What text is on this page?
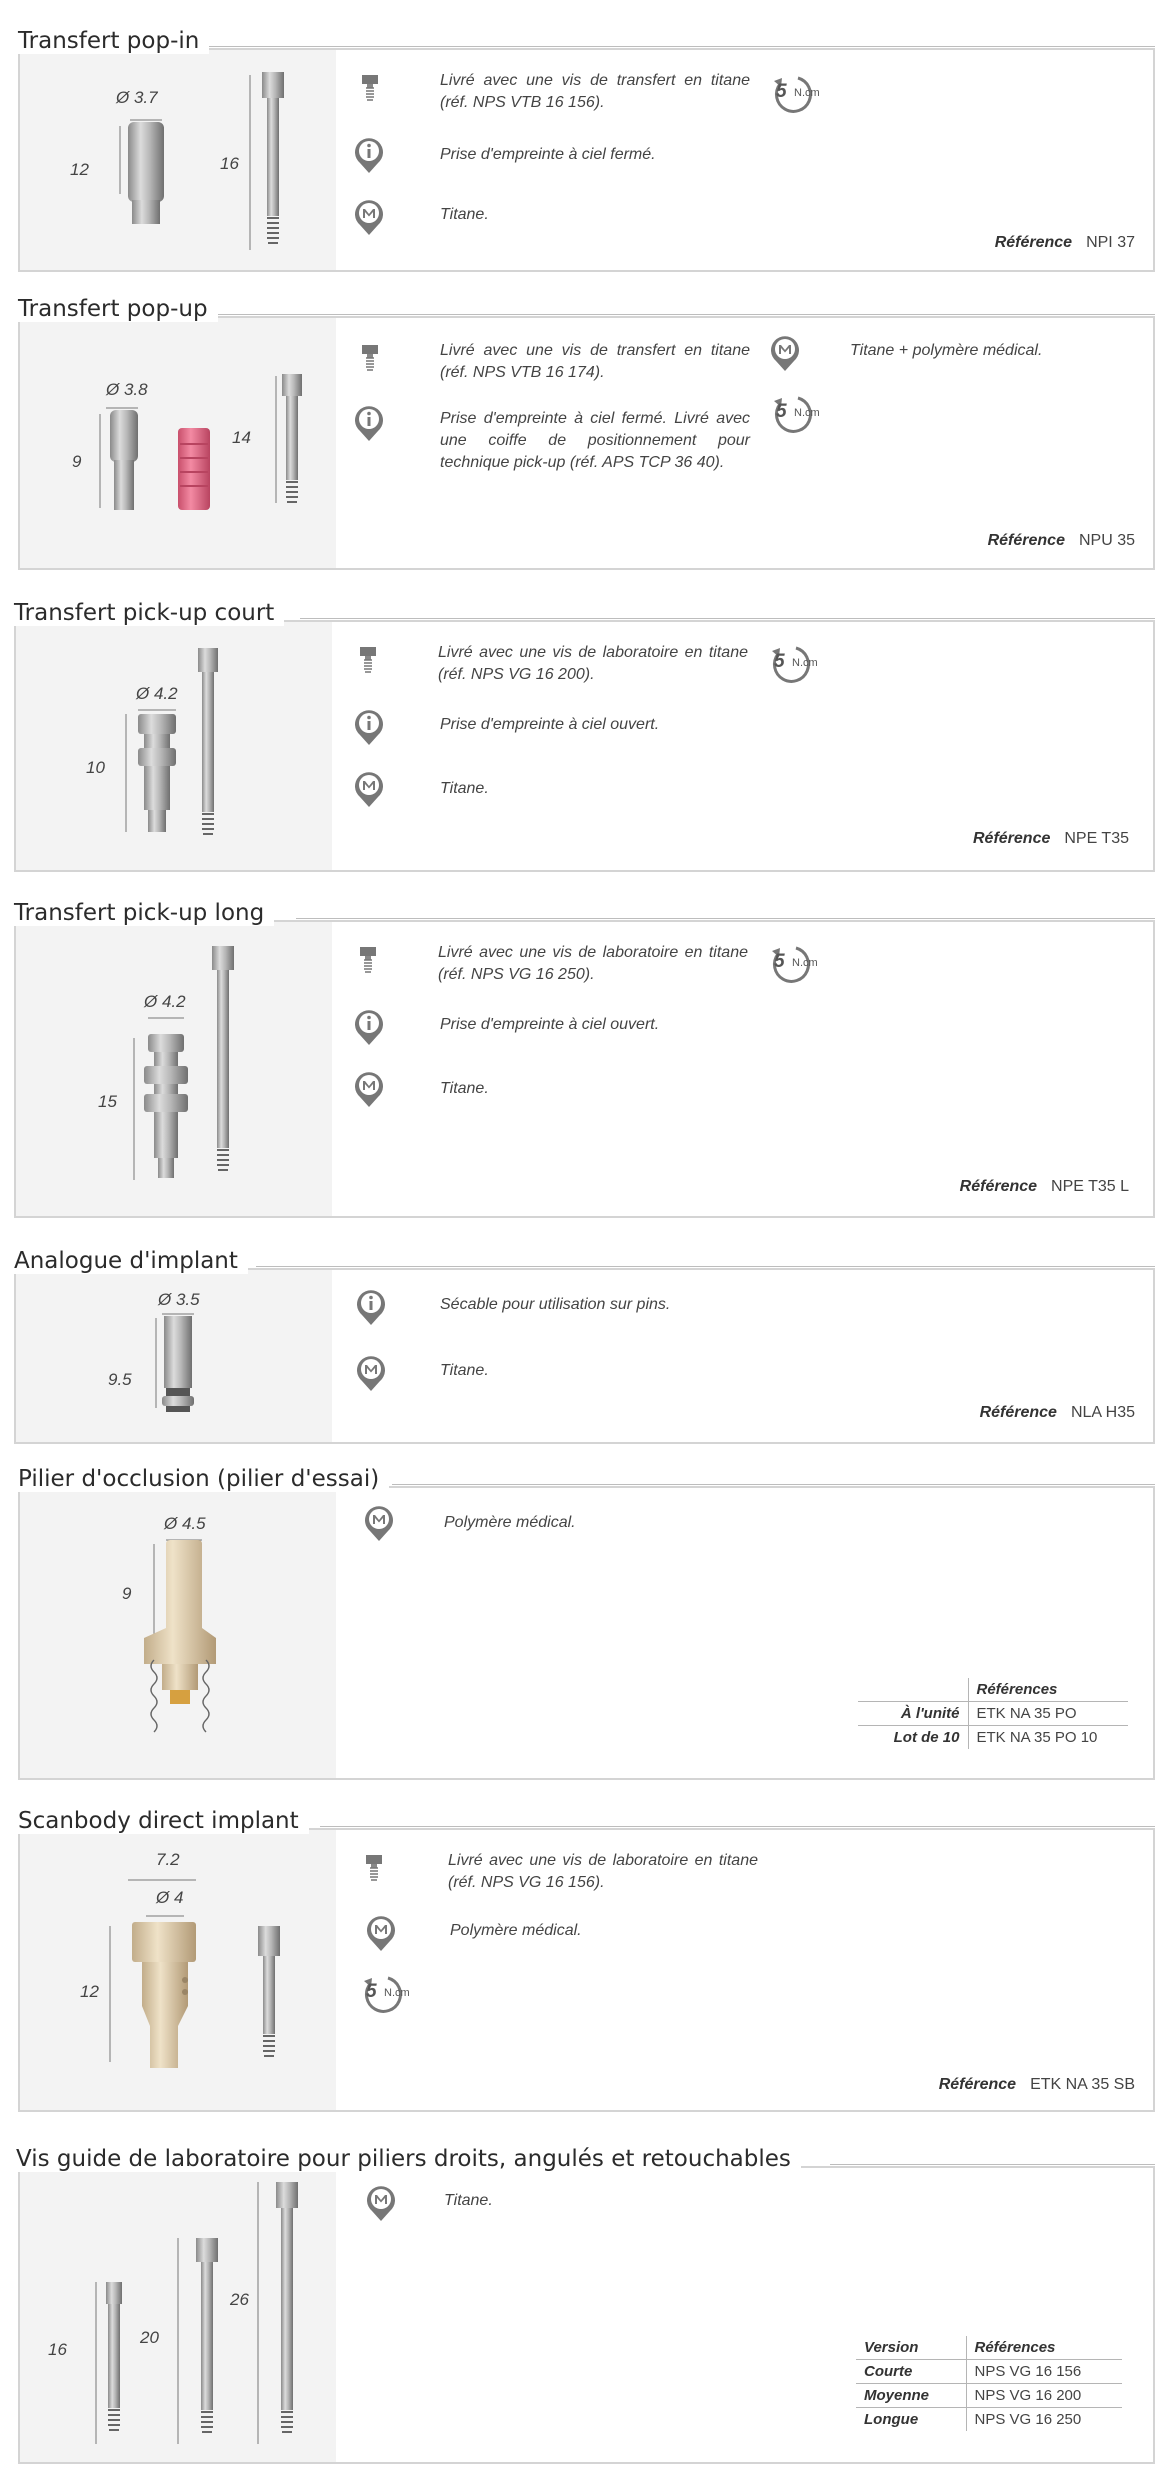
Transfert pop-in
Ø 3.7
12	16
Livré avec une vis de transfert en titane (réf. NPS VTB 16 156).
Prise d'empreinte à ciel fermé.
Titane.
5 N.cm
Référence NPI 37
Transfert pop-up
Ø 3.8
9
14
Livré avec une vis de transfert en titane (réf. NPS VTB 16 174).
Prise d'empreinte à ciel fermé. Livré avec une coiffe de positionnement pour technique pick-up (réf. APS TCP 36 40).
Titane + polymère médical.
5 N.cm
Référence NPU 35
Transfert pick-up court
Ø 4.2
10
Livré avec une vis de laboratoire en titane (réf. NPS VG 16 200).
Prise d'empreinte à ciel ouvert.
Titane.
5 N.cm
Référence NPE T35
Transfert pick-up long
Ø 4.2
15
Livré avec une vis de laboratoire en titane (réf. NPS VG 16 250).
Prise d'empreinte à ciel ouvert.
Titane.
5 N.cm
Référence NPE T35 L
Analogue d'implant
Ø 3.5
9.5
Sécable pour utilisation sur pins.
Titane.
Référence NLA H35
Pilier d'occlusion (pilier d'essai)
Ø 4.5
9
Polymère médical.
	Références
À l'unité	ETK NA 35 PO
Lot de 10	ETK NA 35 PO 10
Scanbody direct implant
7.2
Ø 4
12
Livré avec une vis de laboratoire en titane (réf. NPS VG 16 156).
Polymère médical.
5 N.cm
Référence ETK NA 35 SB
Vis guide de laboratoire pour piliers droits, angulés et retouchables
16
20
26
Titane.
Version	Références
Courte	NPS VG 16 156
Moyenne	NPS VG 16 200
Longue	NPS VG 16 250
